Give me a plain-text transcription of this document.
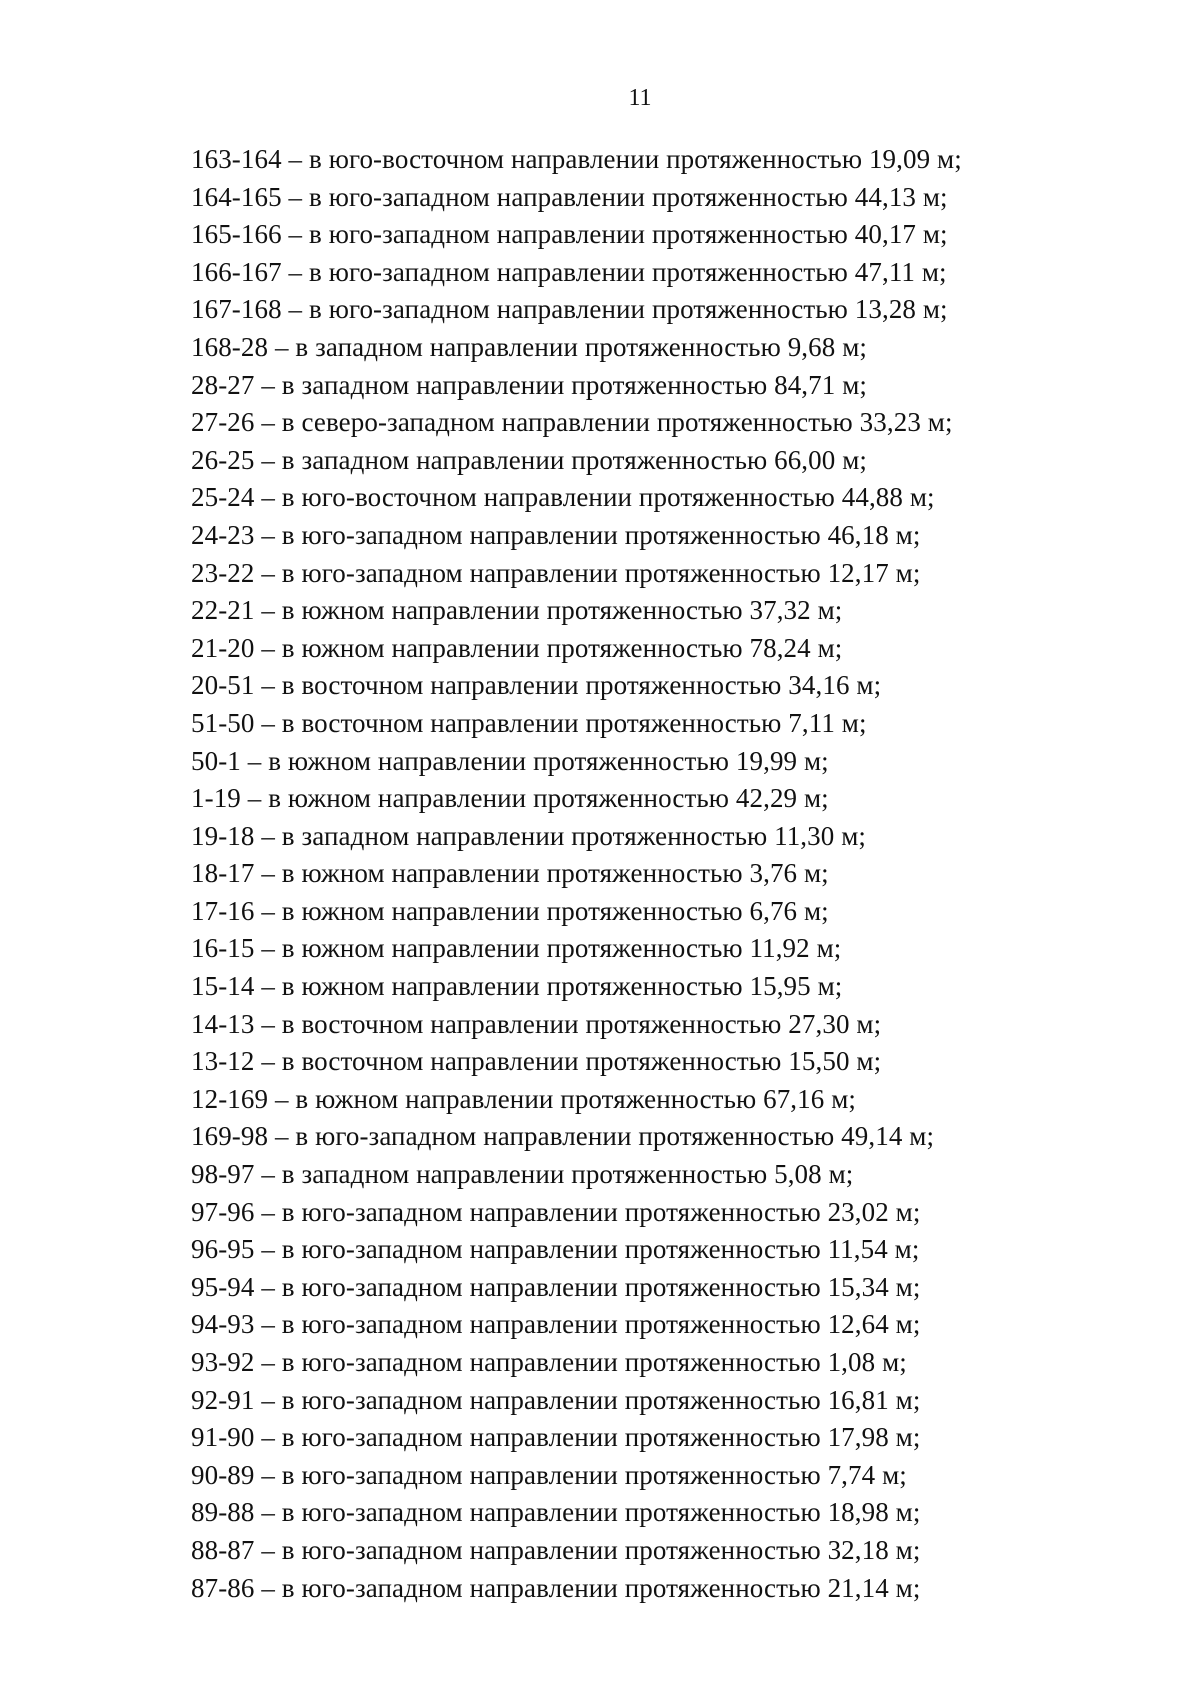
11
163-164 – в юго-восточном направлении протяженностью 19,09 м;
164-165 – в юго-западном направлении протяженностью 44,13 м;
165-166 – в юго-западном направлении протяженностью 40,17 м;
166-167 – в юго-западном направлении протяженностью 47,11 м;
167-168 – в юго-западном направлении протяженностью 13,28 м;
168-28 – в западном направлении протяженностью 9,68 м;
28-27 – в западном направлении протяженностью 84,71 м;
27-26 – в северо-западном направлении протяженностью 33,23 м;
26-25 – в западном направлении протяженностью 66,00 м;
25-24 – в юго-восточном направлении протяженностью 44,88 м;
24-23 – в юго-западном направлении протяженностью 46,18 м;
23-22 – в юго-западном направлении протяженностью 12,17 м;
22-21 – в южном направлении протяженностью 37,32 м;
21-20 – в южном направлении протяженностью 78,24 м;
20-51 – в восточном направлении протяженностью 34,16 м;
51-50 – в восточном направлении протяженностью 7,11 м;
50-1 – в южном направлении протяженностью 19,99 м;
1-19 – в южном направлении протяженностью 42,29 м;
19-18 – в западном направлении протяженностью 11,30 м;
18-17 – в южном направлении протяженностью 3,76 м;
17-16 – в южном направлении протяженностью 6,76 м;
16-15 – в южном направлении протяженностью 11,92 м;
15-14 – в южном направлении протяженностью 15,95 м;
14-13 – в восточном направлении протяженностью 27,30 м;
13-12 – в восточном направлении протяженностью 15,50 м;
12-169 – в южном направлении протяженностью 67,16 м;
169-98 – в юго-западном направлении протяженностью 49,14 м;
98-97 – в западном направлении протяженностью 5,08 м;
97-96 – в юго-западном направлении протяженностью 23,02 м;
96-95 – в юго-западном направлении протяженностью 11,54 м;
95-94 – в юго-западном направлении протяженностью 15,34 м;
94-93 – в юго-западном направлении протяженностью 12,64 м;
93-92 – в юго-западном направлении протяженностью 1,08 м;
92-91 – в юго-западном направлении протяженностью 16,81 м;
91-90 – в юго-западном направлении протяженностью 17,98 м;
90-89 – в юго-западном направлении протяженностью 7,74 м;
89-88 – в юго-западном направлении протяженностью 18,98 м;
88-87 – в юго-западном направлении протяженностью 32,18 м;
87-86 – в юго-западном направлении протяженностью 21,14 м;
